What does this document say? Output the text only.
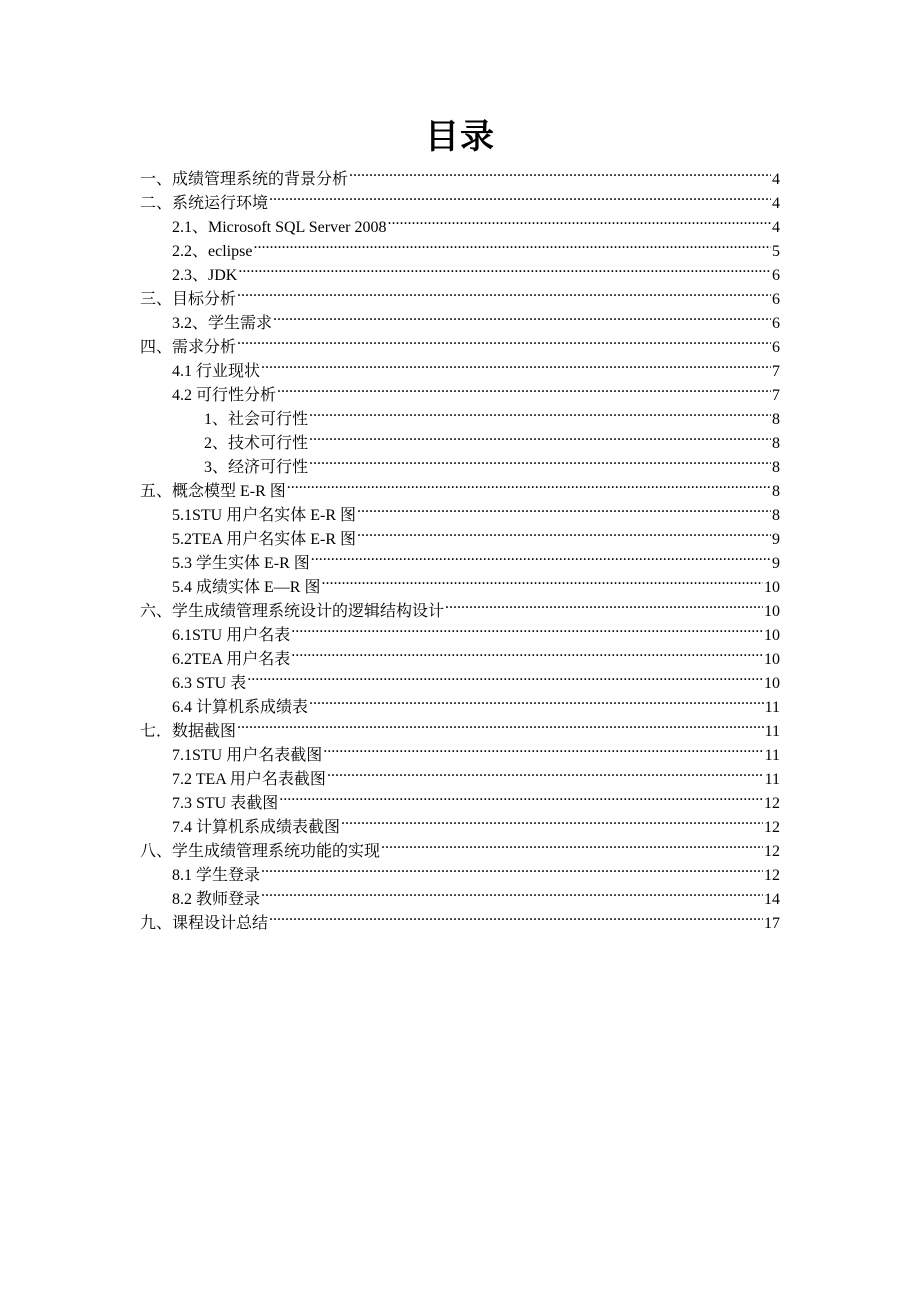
目录
一、成绩管理系统的背景分析 .....	4
二、系统运行环境 .....	4
2.1、Microsoft SQL Server 2008 .....	4
2.2、eclipse .....	5
2.3、JDK .....	6
三、目标分析 .....	6
3.2、学生需求 .....	6
四、需求分析 .....	6
4.1 行业现状 .....	7
4.2 可行性分析 .....	7
1、社会可行性 .....	8
2、技术可行性 .....	8
3、经济可行性 .....	8
五、概念模型 E-R 图 .....	8
5.1STU 用户名实体 E-R 图 .....	8
5.2TEA 用户名实体 E-R 图 .....	9
5.3 学生实体 E-R 图 .....	9
5.4 成绩实体 E—R 图 .....	10
六、学生成绩管理系统设计的逻辑结构设计 .....	10
6.1STU 用户名表 .....	10
6.2TEA 用户名表 .....	10
6.3 STU 表 .....	10
6.4 计算机系成绩表 .....	11
七．数据截图 .....	11
7.1STU 用户名表截图 .....	11
7.2 TEA 用户名表截图 .....	11
7.3 STU 表截图 .....	12
7.4 计算机系成绩表截图 .....	12
八、学生成绩管理系统功能的实现 .....	12
8.1 学生登录 .....	12
8.2 教师登录 .....	14
九、课程设计总结 .....	17
